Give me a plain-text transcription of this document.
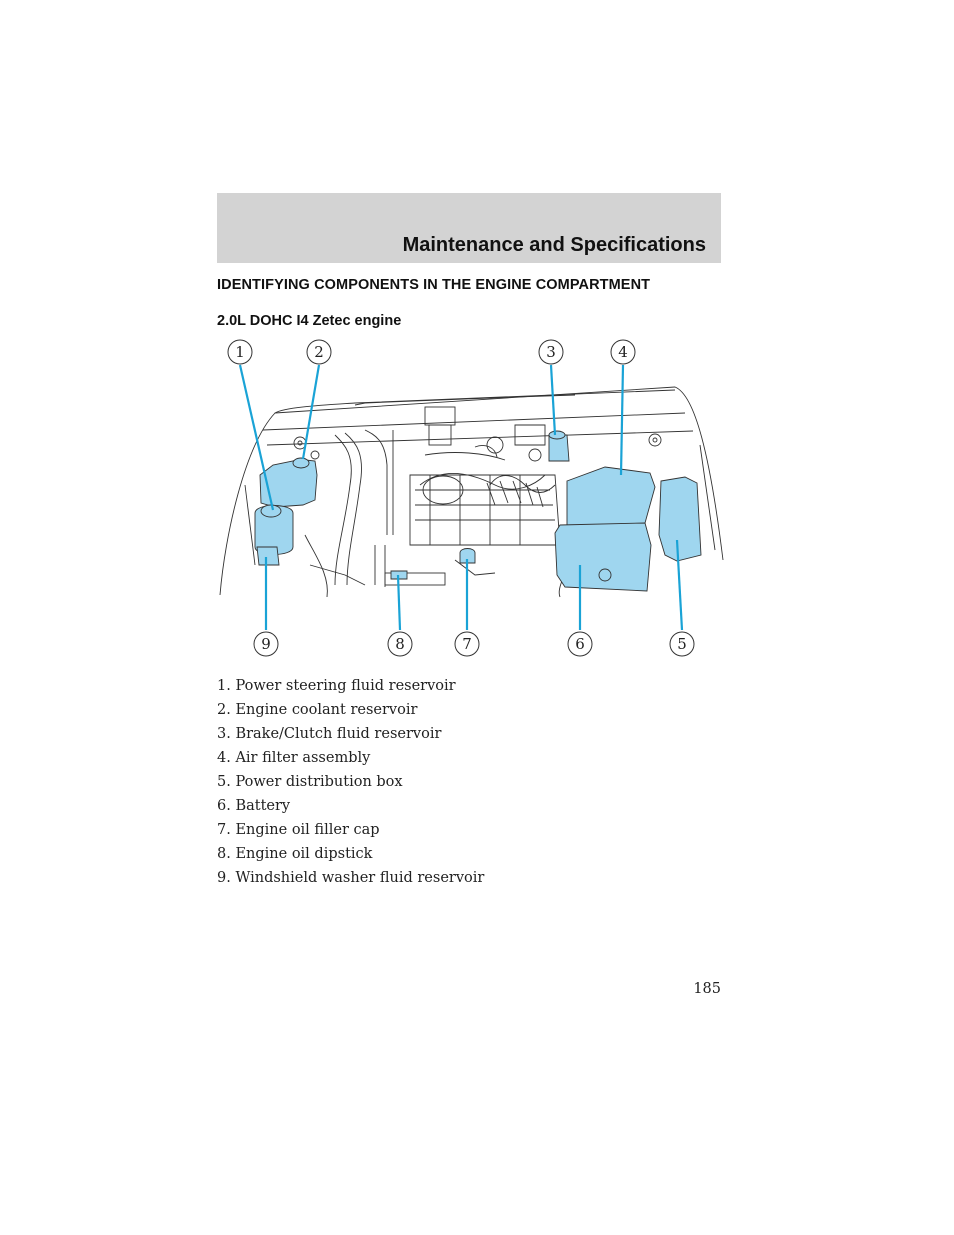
Maintenance and Specifications
IDENTIFYING COMPONENTS IN THE ENGINE COMPARTMENT
2.0L DOHC I4 Zetec engine
1	2	3	4
5
6
7
8
9
1. Power steering fluid reservoir
2. Engine coolant reservoir
3. Brake/Clutch fluid reservoir
4. Air filter assembly
5. Power distribution box
6. Battery
7. Engine oil filler cap
8. Engine oil dipstick
9. Windshield washer fluid reservoir
185
